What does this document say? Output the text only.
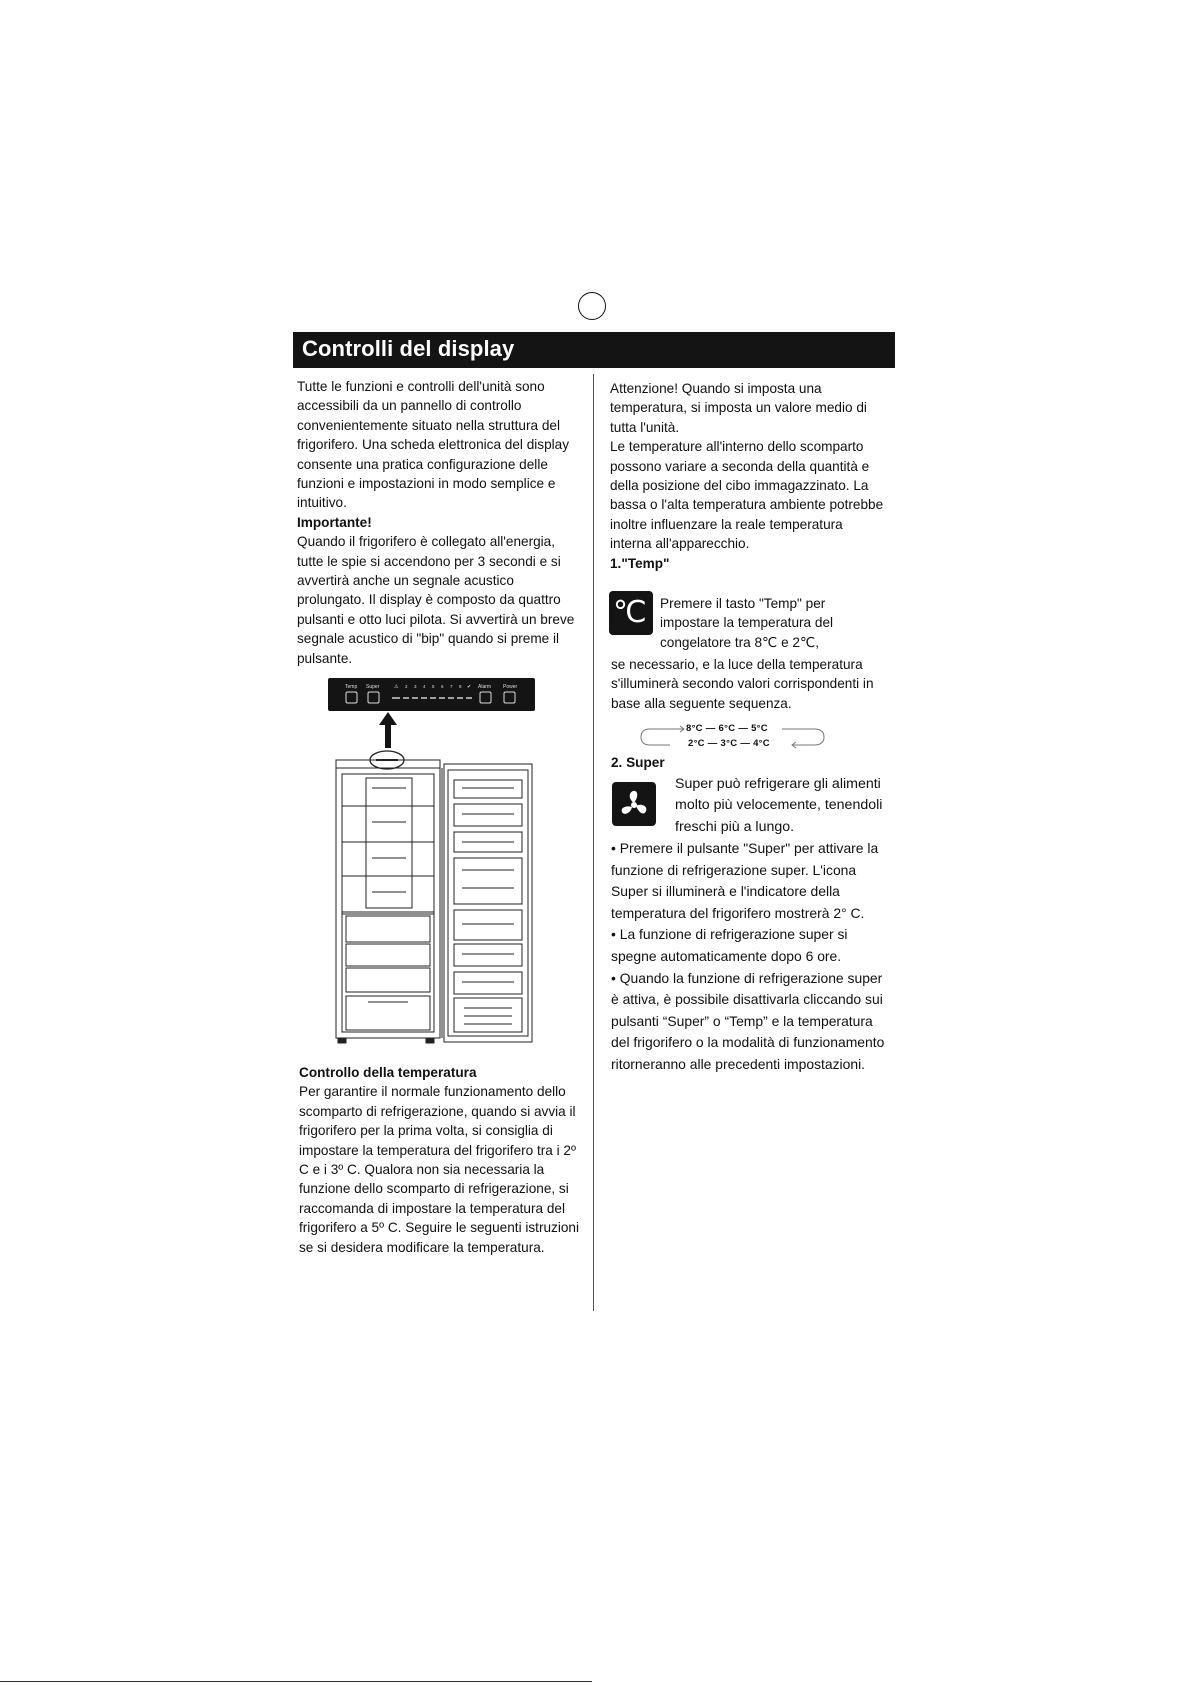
Controlli del display

Tutte le funzioni e controlli dell'unità sono accessibili da un pannello di controllo convenientemente situato nella struttura del frigorifero. Una scheda elettronica del display consente una pratica configurazione delle funzioni e impostazioni in modo semplice e intuitivo.

Importante!

Quando il frigorifero è collegato all'energia, tutte le spie si accendono per 3 secondi e si avvertirà anche un segnale acustico prolungato. Il display è composto da quattro pulsanti e otto luci pilota. Si avvertirà un breve segnale acustico di "bip" quando si preme il pulsante.

Temp Super	⚠ 2 3 4 5 6 7 8 ✔ Alarm Power

Controllo della temperatura

Per garantire il normale funzionamento dello scomparto di refrigerazione, quando si avvia il frigorifero per la prima volta, si consiglia di impostare la temperatura del frigorifero tra i 2º C e i 3º C. Qualora non sia necessaria la funzione dello scomparto di refrigerazione, si raccomanda di impostare la temperatura del frigorifero a 5º C. Seguire le seguenti istruzioni se si desidera modificare la temperatura.

Attenzione! Quando si imposta una temperatura, si imposta un valore medio di tutta l'unità.

Le temperature all'interno dello scomparto possono variare a seconda della quantità e della posizione del cibo immagazzinato. La bassa o l'alta temperatura ambiente potrebbe inoltre influenzare la reale temperatura interna all'apparecchio.

1."Temp"

℃ Premere il tasto "Temp" per impostare la temperatura del congelatore tra 8℃ e 2℃,

se necessario, e la luce della temperatura s'illuminerà secondo valori corrispondenti in base alla seguente sequenza.

8°C — 6°C — 5°C
2°C — 3°C — 4°C
2. Super

Super può refrigerare gli alimenti molto più velocemente, tenendoli freschi più a lungo.

• Premere il pulsante "Super" per attivare la funzione di refrigerazione super. L'icona Super si illuminerà e l'indicatore della temperatura del frigorifero mostrerà 2° C.

• La funzione di refrigerazione super si spegne automaticamente dopo 6 ore.

• Quando la funzione di refrigerazione super è attiva, è possibile disattivarla cliccando sui pulsanti “Super” o “Temp” e la temperatura del frigorifero o la modalità di funzionamento ritorneranno alle precedenti impostazioni.
